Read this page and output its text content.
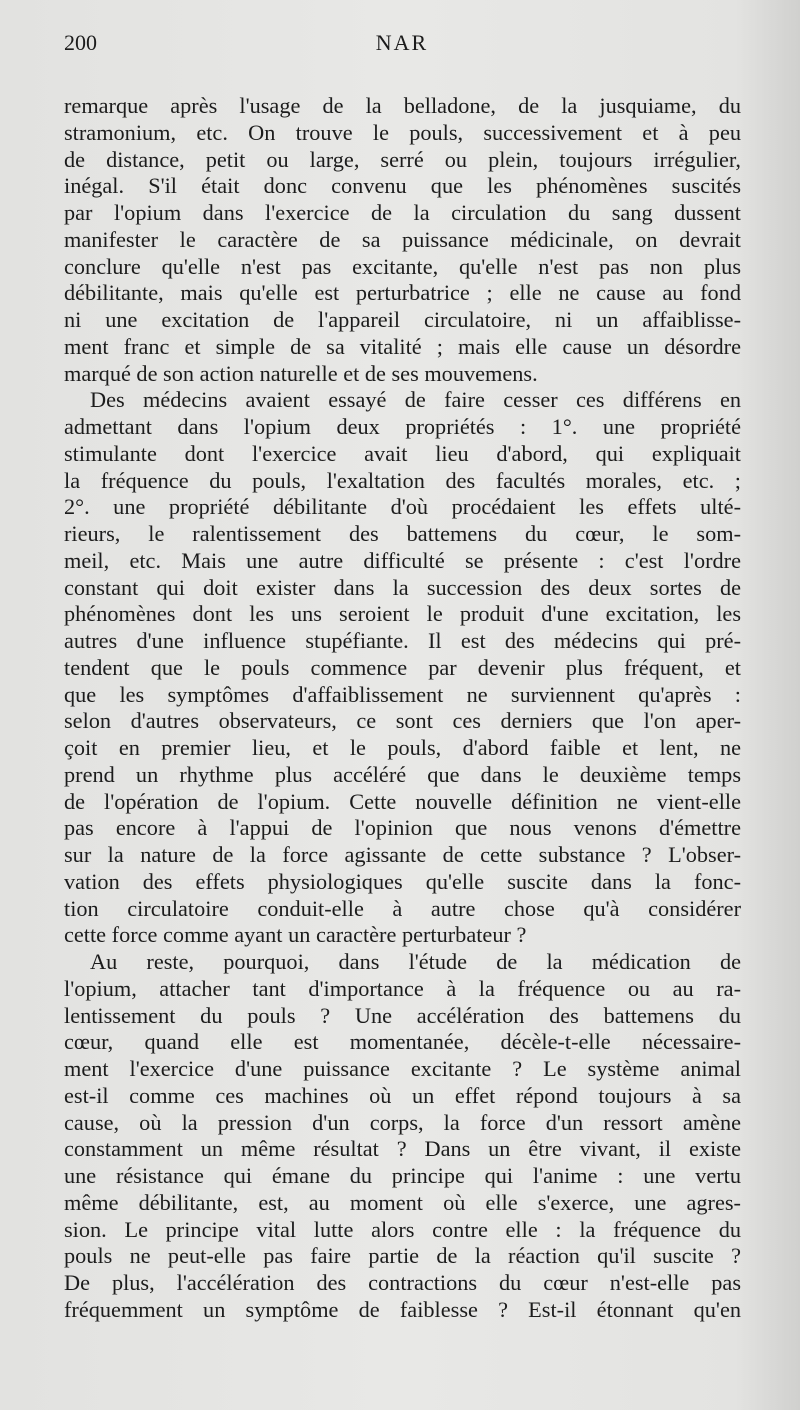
200	NAR
remarque après l'usage de la belladone, de la jusquiame, du
stramonium, etc. On trouve le pouls, successivement et à peu
de distance, petit ou large, serré ou plein, toujours irrégulier,
inégal. S'il était donc convenu que les phénomènes suscités
par l'opium dans l'exercice de la circulation du sang dussent
manifester le caractère de sa puissance médicinale, on devrait
conclure qu'elle n'est pas excitante, qu'elle n'est pas non plus
débilitante, mais qu'elle est perturbatrice ; elle ne cause au fond
ni une excitation de l'appareil circulatoire, ni un affaiblisse-
ment franc et simple de sa vitalité ; mais elle cause un désordre
marqué de son action naturelle et de ses mouvemens.
Des médecins avaient essayé de faire cesser ces différens en
admettant dans l'opium deux propriétés : 1°. une propriété
stimulante dont l'exercice avait lieu d'abord, qui expliquait
la fréquence du pouls, l'exaltation des facultés morales, etc. ;
2°. une propriété débilitante d'où procédaient les effets ulté-
rieurs, le ralentissement des battemens du cœur, le som-
meil, etc. Mais une autre difficulté se présente : c'est l'ordre
constant qui doit exister dans la succession des deux sortes de
phénomènes dont les uns seroient le produit d'une excitation, les
autres d'une influence stupéfiante. Il est des médecins qui pré-
tendent que le pouls commence par devenir plus fréquent, et
que les symptômes d'affaiblissement ne surviennent qu'après :
selon d'autres observateurs, ce sont ces derniers que l'on aper-
çoit en premier lieu, et le pouls, d'abord faible et lent, ne
prend un rhythme plus accéléré que dans le deuxième temps
de l'opération de l'opium. Cette nouvelle définition ne vient-elle
pas encore à l'appui de l'opinion que nous venons d'émettre
sur la nature de la force agissante de cette substance ? L'obser-
vation des effets physiologiques qu'elle suscite dans la fonc-
tion circulatoire conduit-elle à autre chose qu'à considérer
cette force comme ayant un caractère perturbateur ?
Au reste, pourquoi, dans l'étude de la médication de
l'opium, attacher tant d'importance à la fréquence ou au ra-
lentissement du pouls ? Une accélération des battemens du
cœur, quand elle est momentanée, décèle-t-elle nécessaire-
ment l'exercice d'une puissance excitante ? Le système animal
est-il comme ces machines où un effet répond toujours à sa
cause, où la pression d'un corps, la force d'un ressort amène
constamment un même résultat ? Dans un être vivant, il existe
une résistance qui émane du principe qui l'anime : une vertu
même débilitante, est, au moment où elle s'exerce, une agres-
sion. Le principe vital lutte alors contre elle : la fréquence du
pouls ne peut-elle pas faire partie de la réaction qu'il suscite ?
De plus, l'accélération des contractions du cœur n'est-elle pas
fréquemment un symptôme de faiblesse ? Est-il étonnant qu'en
